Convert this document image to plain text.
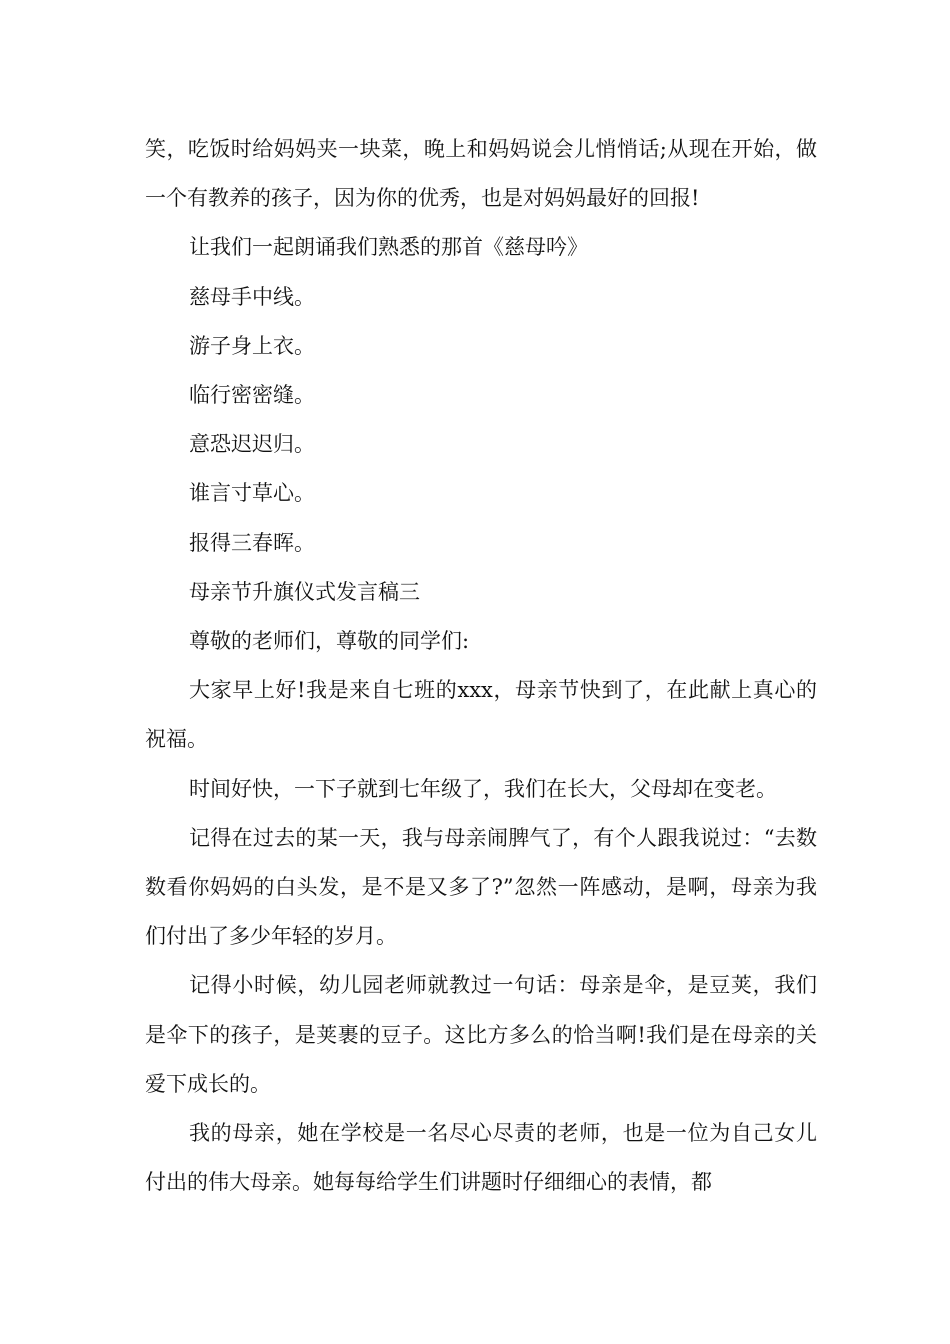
笑，吃饭时给妈妈夹一块菜，晚上和妈妈说会儿悄悄话;从现在开始，做一个有教养的孩子，因为你的优秀，也是对妈妈最好的回报!

让我们一起朗诵我们熟悉的那首《慈母吟》

慈母手中线。

游子身上衣。

临行密密缝。

意恐迟迟归。

谁言寸草心。

报得三春晖。

母亲节升旗仪式发言稿三

尊敬的老师们，尊敬的同学们:

大家早上好!我是来自七班的xxx，母亲节快到了，在此献上真心的祝福。

时间好快，一下子就到七年级了，我们在长大，父母却在变老。

记得在过去的某一天，我与母亲闹脾气了，有个人跟我说过：“去数数看你妈妈的白头发，是不是又多了?”忽然一阵感动，是啊，母亲为我们付出了多少年轻的岁月。

记得小时候，幼儿园老师就教过一句话：母亲是伞，是豆荚，我们是伞下的孩子，是荚裹的豆子。这比方多么的恰当啊!我们是在母亲的关爱下成长的。

我的母亲，她在学校是一名尽心尽责的老师，也是一位为自己女儿付出的伟大母亲。她每每给学生们讲题时仔细细心的表情，都
